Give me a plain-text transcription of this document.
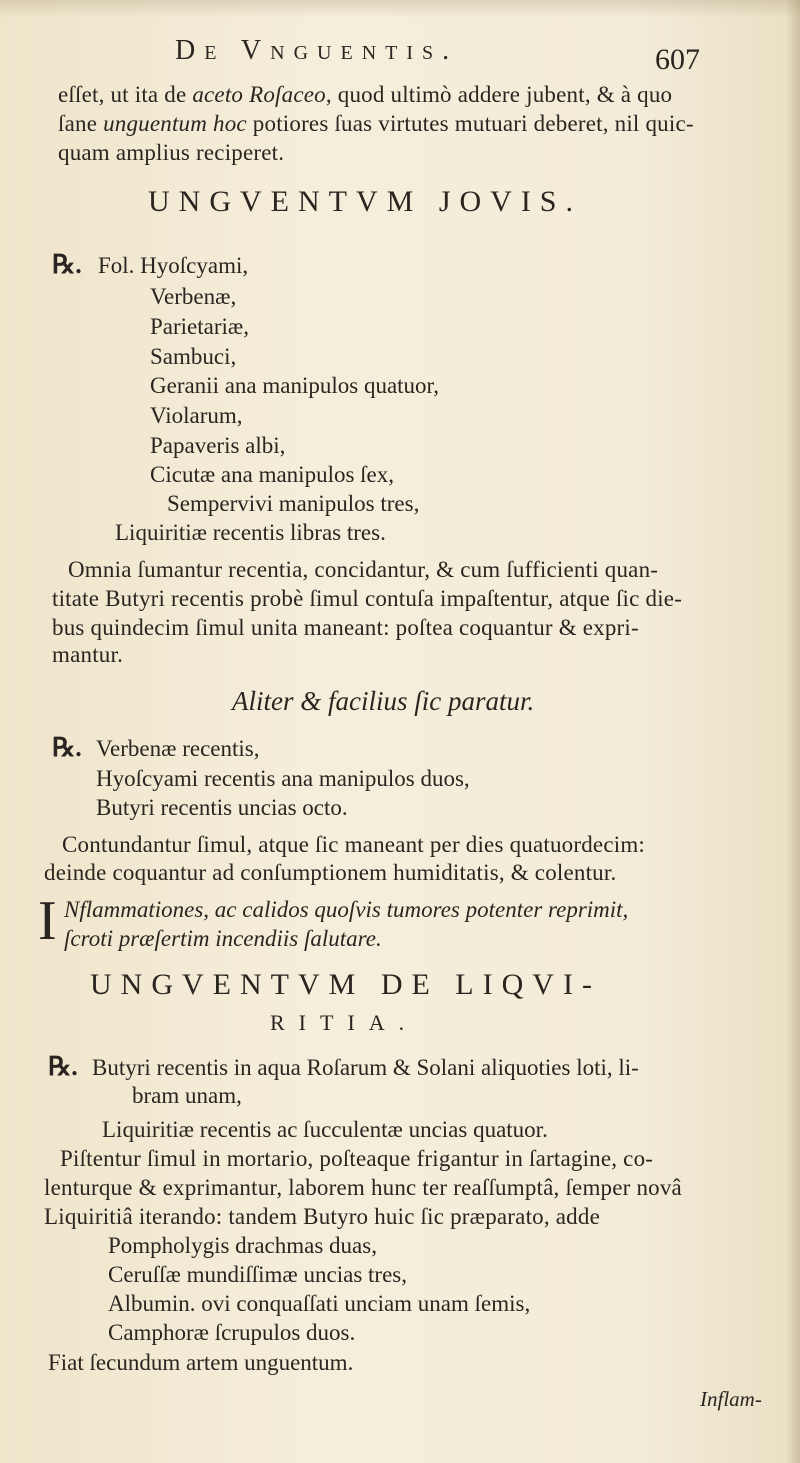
De Vnguentis.	607
eſſet, ut ita de aceto Roſaceo, quod ultimò addere jubent, & à quo
ſane unguentum hoc potiores ſuas virtutes mutuari deberet, nil quic-
quam amplius reciperet.
UNGVENTVM JOVIS.
℞. Fol. Hyoſcyami,
Verbenæ,
Parietariæ,
Sambuci,
Geranii ana manipulos quatuor,
Violarum,
Papaveris albi,
Cicutæ ana manipulos ſex,
Sempervivi manipulos tres,
Liquiritiæ recentis libras tres.
Omnia ſumantur recentia, concidantur, & cum ſufficienti quan-
titate Butyri recentis probè ſimul contuſa impaſtentur, atque ſic die-
bus quindecim ſimul unita maneant: poſtea coquantur & expri-
mantur.
Aliter & facilius ſic paratur.
℞. Verbenæ recentis,
Hyoſcyami recentis ana manipulos duos,
Butyri recentis uncias octo.
Contundantur ſimul, atque ſic maneant per dies quatuordecim:
deinde coquantur ad conſumptionem humiditatis, & colentur.
I Nflammationes, ac calidos quoſvis tumores potenter reprimit,
ſcroti præſertim incendiis ſalutare.
UNGVENTVM DE LIQVI-
RITIA.
℞. Butyri recentis in aqua Roſarum & Solani aliquoties loti, li-
bram unam,
Liquiritiæ recentis ac ſucculentæ uncias quatuor.
Piſtentur ſimul in mortario, poſteaque frigantur in ſartagine, co-
lenturque & exprimantur, laborem hunc ter reaſſumptâ, ſemper novâ
Liquiritiâ iterando: tandem Butyro huic ſic præparato, adde
Pompholygis drachmas duas,
Ceruſſæ mundiſſimæ uncias tres,
Albumin. ovi conquaſſati unciam unam ſemis,
Camphoræ ſcrupulos duos.
Fiat ſecundum artem unguentum.
Inflam-
